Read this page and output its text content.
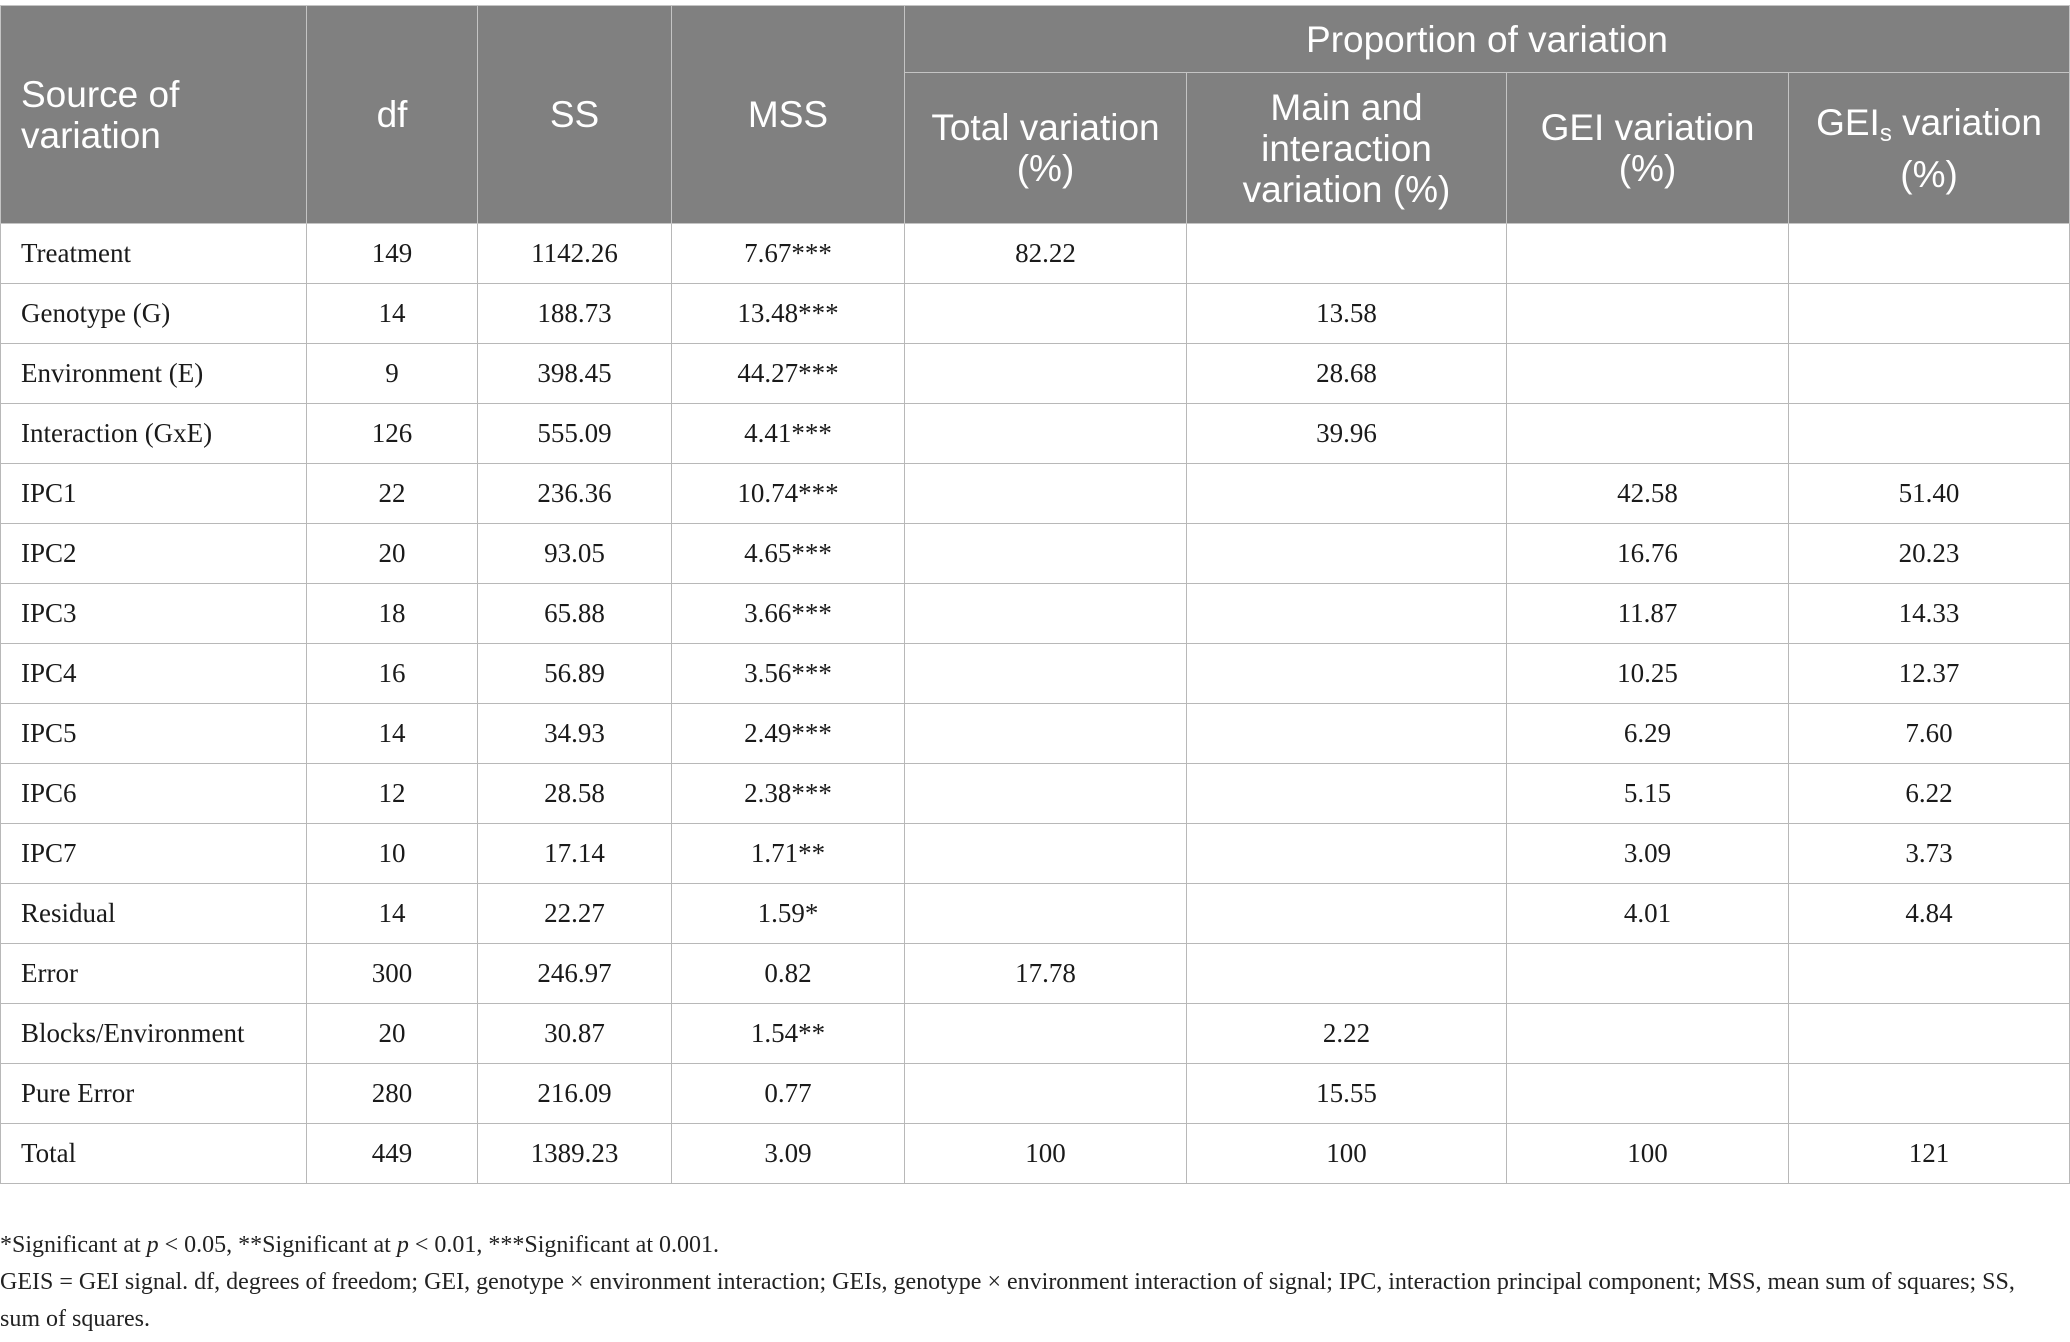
Source of variation	df	SS	MSS	Proportion of variation			
				Total variation (%)	Main and interaction variation (%)	GEI variation (%)	$GEI_s$ variation (%)
Treatment	149	1142.26	7.67***	82.22			
Genotype (G)	14	188.73	13.48***		13.58		
Environment (E)	9	398.45	44.27***		28.68		
Interaction (GxE)	126	555.09	4.41***		39.96		
IPC1	22	236.36	10.74***			42.58	51.40
IPC2	20	93.05	4.65***			16.76	20.23
IPC3	18	65.88	3.66***			11.87	14.33
IPC4	16	56.89	3.56***			10.25	12.37
IPC5	14	34.93	2.49***			6.29	7.60
IPC6	12	28.58	2.38***			5.15	6.22
IPC7	10	17.14	1.71**			3.09	3.73
Residual	14	22.27	1.59*			4.01	4.84
Error	300	246.97	0.82	17.78			
Blocks/Environment	20	30.87	1.54**		2.22		
Pure Error	280	216.09	0.77		15.55		
Total	449	1389.23	3.09	100	100	100	121

*Significant at p < 0.05, **Significant at p < 0.01, ***Significant at 0.001.

GEIS = GEI signal. df, degrees of freedom; GEI, genotype × environment interaction; GEIs, genotype × environment interaction of signal; IPC, interaction principal component; MSS, mean sum of squares; SS, sum of squares.
